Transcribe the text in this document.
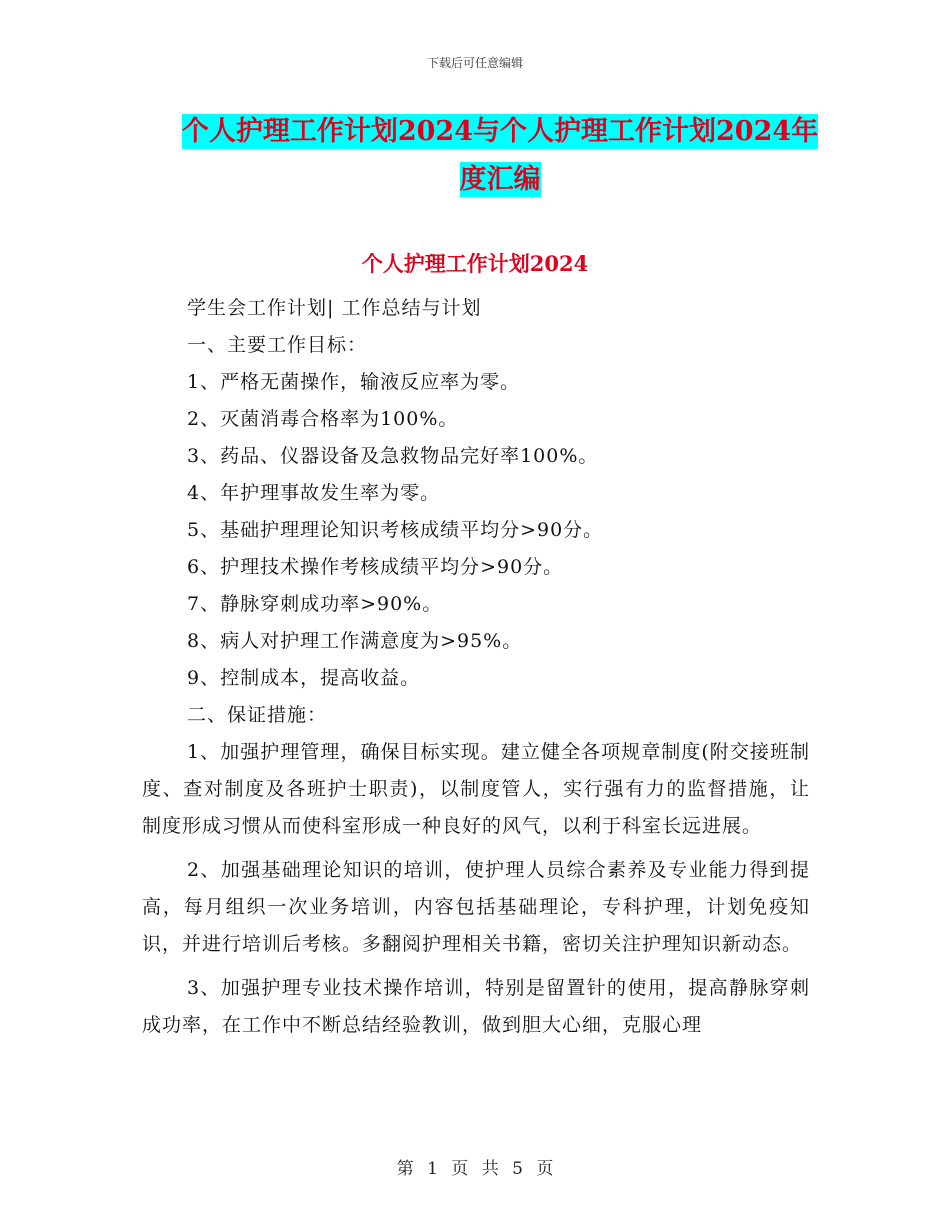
下载后可任意编辑
个人护理工作计划2024与个人护理工作计划2024年
度汇编
个人护理工作计划2024
学生会工作计划| 工作总结与计划
一、主要工作目标：
1、严格无菌操作，输液反应率为零。
2、灭菌消毒合格率为100%。
3、药品、仪器设备及急救物品完好率100%。
4、年护理事故发生率为零。
5、基础护理理论知识考核成绩平均分>90分。
6、护理技术操作考核成绩平均分>90分。
7、静脉穿刺成功率>90%。
8、病人对护理工作满意度为>95%。
9、控制成本，提高收益。
二、保证措施：
1、加强护理管理，确保目标实现。建立健全各项规章制度(附交接班制度、查对制度及各班护士职责)，以制度管人，实行强有力的监督措施，让制度形成习惯从而使科室形成一种良好的风气，以利于科室长远进展。
2、加强基础理论知识的培训，使护理人员综合素养及专业能力得到提高，每月组织一次业务培训，内容包括基础理论，专科护理，计划免疫知识，并进行培训后考核。多翻阅护理相关书籍，密切关注护理知识新动态。
3、加强护理专业技术操作培训，特别是留置针的使用，提高静脉穿刺成功率，在工作中不断总结经验教训，做到胆大心细，克服心理
第 1 页 共 5 页
